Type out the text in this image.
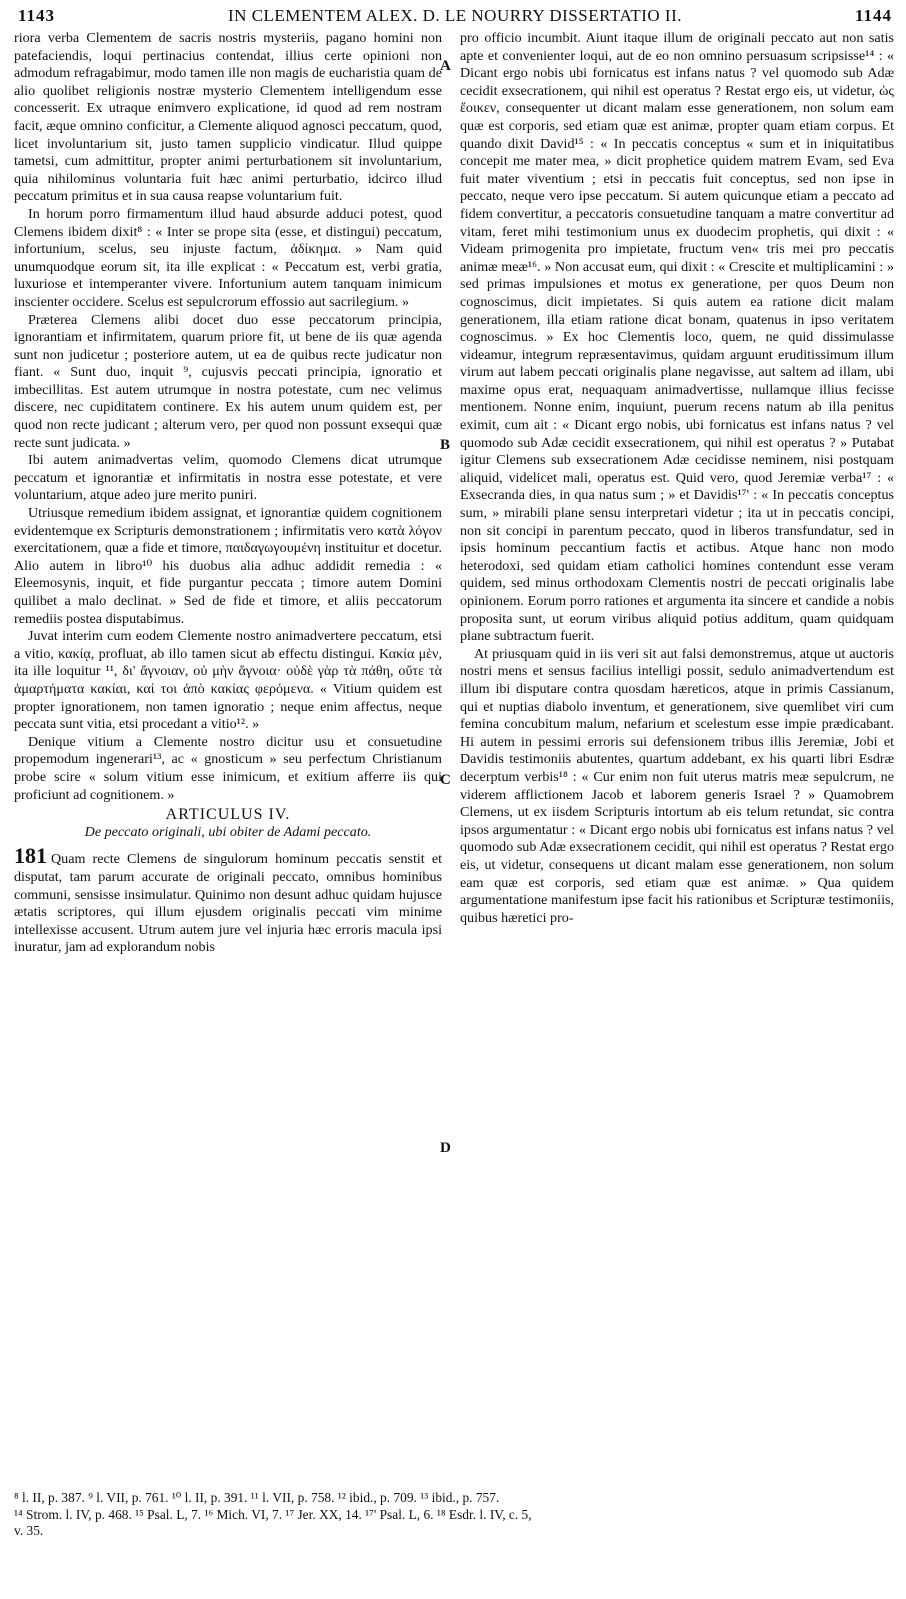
1143	IN CLEMENTEM ALEX. D. LE NOURRY DISSERTATIO II.	1144
A
B
C
D

riora verba Clementem de sacris nostris mysteriis, pagano homini non patefaciendis, loqui pertinacius contendat, illius certe opinioni non admodum refragabimur, modo tamen ille non magis de eucharistia quam de alio quolibet religionis nostræ mysterio Clementem intelligendum esse concesserit. Ex utraque enimvero explicatione, id quod ad rem nostram facit, æque omnino conficitur, a Clemente aliquod agnosci peccatum, quod, licet involuntarium sit, justo tamen supplicio vindicatur. Illud quippe tametsi, cum admittitur, propter animi perturbationem sit involuntarium, quia nihilominus voluntaria fuit hæc animi perturbatio, idcirco illud peccatum primitus et in sua causa reapse voluntarium fuit.

In horum porro firmamentum illud haud absurde adduci potest, quod Clemens ibidem dixit⁸ : « Inter se prope sita (esse, et distingui) peccatum, infortunium, scelus, seu injuste factum, ἀδίκημα. » Nam quid unumquodque eorum sit, ita ille explicat : « Peccatum est, verbi gratia, luxuriose et intemperanter vivere. Infortunium autem tanquam inimicum inscienter occidere. Scelus est sepulcrorum effossio aut sacrilegium. »

Præterea Clemens alibi docet duo esse peccatorum principia, ignorantiam et infirmitatem, quarum priore fit, ut bene de iis quæ agenda sunt non judicetur ; posteriore autem, ut ea de quibus recte judicatur non fiant. « Sunt duo, inquit ⁹, cujusvis peccati principia, ignoratio et imbecillitas. Est autem utrumque in nostra potestate, cum nec velimus discere, nec cupiditatem continere. Ex his autem unum quidem est, per quod non recte judicant ; alterum vero, per quod non possunt exsequi quæ recte sunt judicata. »

Ibi autem animadvertas velim, quomodo Clemens dicat utrumque peccatum et ignorantiæ et infirmitatis in nostra esse potestate, et vere voluntarium, atque adeo jure merito puniri.

Utriusque remedium ibidem assignat, et ignorantiæ quidem cognitionem evidentemque ex Scripturis demonstrationem ; infirmitatis vero κατὰ λόγον exercitationem, quæ a fide et timore, παιδαγωγουμένη instituitur et docetur. Alio autem in libro¹⁰ his duobus alia adhuc addidit remedia : « Eleemosynis, inquit, et fide purgantur peccata ; timore autem Domini quilibet a malo declinat. » Sed de fide et timore, et aliis peccatorum remediis postea disputabimus.

Juvat interim cum eodem Clemente nostro animadvertere peccatum, etsi a vitio, κακίᾳ, profluat, ab illo tamen sicut ab effectu distingui. Κακία μὲν, ita ille loquitur ¹¹, δι' ἄγνοιαν, οὐ μὴν ἄγνοια· οὐδὲ γὰρ τὰ πάθη, οὔτε τὰ ἁμαρτήματα κακίαι, καί τοι ἀπὸ κακίας φερόμενα. « Vitium quidem est propter ignorationem, non tamen ignoratio ; neque enim affectus, neque peccata sunt vitia, etsi procedant a vitio¹². »

Denique vitium a Clemente nostro dicitur usu et consuetudine propemodum ingenerari¹³, ac « gnosticum » seu perfectum Christianum probe scire « solum vitium esse inimicum, et exitium afferre iis qui proficiunt ad cognitionem. »

ARTICULUS IV.
De peccato originali, ubi obiter de Adami peccato.

181 Quam recte Clemens de singulorum hominum peccatis senstit et disputat, tam parum accurate de originali peccato, omnibus hominibus communi, sensisse insimulatur. Quinimo non desunt adhuc quidam hujusce ætatis scriptores, qui illum ejusdem originalis peccati vim minime intellexisse accusent. Utrum autem jure vel injuria hæc erroris macula ipsi inuratur, jam ad explorandum nobis

pro officio incumbit. Aiunt itaque illum de originali peccato aut non satis apte et convenienter loqui, aut de eo non omnino persuasum scripsisse¹⁴ : « Dicant ergo nobis ubi fornicatus est infans natus ? vel quomodo sub Adæ cecidit exsecrationem, qui nihil est operatus ? Restat ergo eis, ut videtur, ὡς ἔοικεν, consequenter ut dicant malam esse generationem, non solum eam quæ est corporis, sed etiam quæ est animæ, propter quam etiam corpus. Et quando dixit David¹⁵ : « In peccatis conceptus « sum et in iniquitatibus concepit me mater mea, » dicit prophetice quidem matrem Evam, sed Eva fuit mater viventium ; etsi in peccatis fuit conceptus, sed non ipse in peccato, neque vero ipse peccatum. Si autem quicunque etiam a peccato ad fidem convertitur, a peccatoris consuetudine tanquam a matre convertitur ad vitam, feret mihi testimonium unus ex duodecim prophetis, qui dixit : « Videam primogenita pro impietate, fructum ven« tris mei pro peccatis animæ meæ¹⁶. » Non accusat eum, qui dixit : « Crescite et multiplicamini : » sed primas impulsiones et motus ex generatione, per quos Deum non cognoscimus, dicit impietates. Si quis autem ea ratione dicit malam generationem, illa etiam ratione dicat bonam, quatenus in ipso veritatem cognoscimus. » Ex hoc Clementis loco, quem, ne quid dissimulasse videamur, integrum repræsentavimus, quidam arguunt eruditissimum illum virum aut labem peccati originalis plane negavisse, aut saltem ad illam, ubi maxime opus erat, nequaquam animadvertisse, nullamque illius fecisse mentionem. Nonne enim, inquiunt, puerum recens natum ab illa penitus eximit, cum ait : « Dicant ergo nobis, ubi fornicatus est infans natus ? vel quomodo sub Adæ cecidit exsecrationem, qui nihil est operatus ? » Putabat igitur Clemens sub exsecrationem Adæ cecidisse neminem, nisi postquam aliquid, videlicet mali, operatus est. Quid vero, quod Jeremiæ verba¹⁷ : « Exsecranda dies, in qua natus sum ; » et Davidis¹⁷' : « In peccatis conceptus sum, » mirabili plane sensu interpretari videtur ; ita ut in peccatis concipi, non sit concipi in parentum peccato, quod in liberos transfundatur, sed in ipsis hominum peccantium factis et actibus. Atque hanc non modo heterodoxi, sed quidam etiam catholici homines contendunt esse veram quidem, sed minus orthodoxam Clementis nostri de peccati originalis labe opinionem. Eorum porro rationes et argumenta ita sincere et candide a nobis proposita sunt, ut eorum viribus aliquid potius additum, quam quidquam plane subtractum fuerit.

At priusquam quid in iis veri sit aut falsi demonstremus, atque ut auctoris nostri mens et sensus facilius intelligi possit, sedulo animadvertendum est illum ibi disputare contra quosdam hæreticos, atque in primis Cassianum, qui et nuptias diabolo inventum, et generationem, sive quemlibet viri cum femina concubitum malum, nefarium et scelestum esse impie prædicabant. Hi autem in pessimi erroris sui defensionem tribus illis Jeremiæ, Jobi et Davidis testimoniis abutentes, quartum addebant, ex his quarti libri Esdræ decerptum verbis¹⁸ : « Cur enim non fuit uterus matris meæ sepulcrum, ne viderem afflictionem Jacob et laborem generis Israel ? » Quamobrem Clemens, ut ex iisdem Scripturis intortum ab eis telum retundat, sic contra ipsos argumentatur : « Dicant ergo nobis ubi fornicatus est infans natus ? vel quomodo sub Adæ exsecrationem cecidit, qui nihil est operatus ? Restat ergo eis, ut videtur, consequens ut dicant malam esse generationem, non solum eam quæ est corporis, sed etiam quæ est animæ. » Qua quidem argumentatione manifestum ipse facit his rationibus et Scripturæ testimoniis, quibus hæretici pro-

⁸ l. II, p. 387. ⁹ l. VII, p. 761. ¹⁰ l. II, p. 391. ¹¹ l. VII, p. 758. ¹² ibid., p. 709. ¹³ ibid., p. 757.
¹⁴ Strom. l. IV, p. 468. ¹⁵ Psal. L, 7. ¹⁶ Mich. VI, 7. ¹⁷ Jer. XX, 14. ¹⁷' Psal. L, 6. ¹⁸ Esdr. l. IV, c. 5,
v. 35.
